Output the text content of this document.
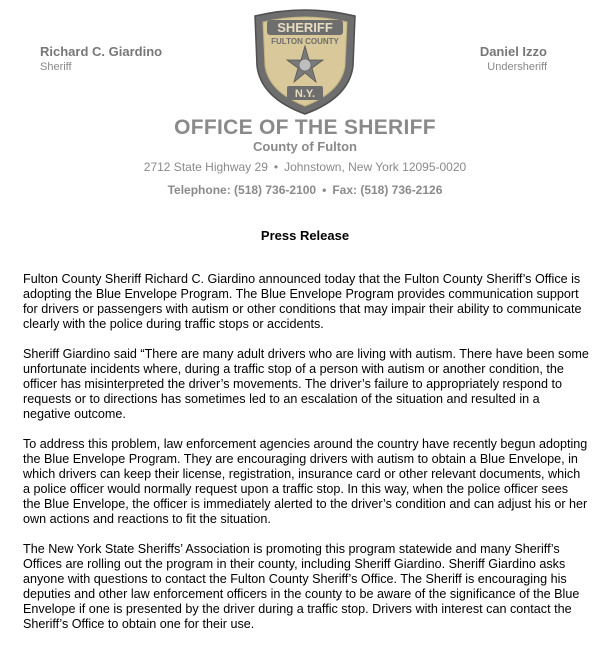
Richard C. Giardino
Sheriff
SHERIFF
FULTON COUNTY
N.Y.
Daniel Izzo
Undersheriff
OFFICE OF THE SHERIFF
County of Fulton
2712 State Highway 29 • Johnstown, New York 12095-0020
Telephone: (518) 736-2100 • Fax: (518) 736-2126
Press Release

Fulton County Sheriff Richard C. Giardino announced today that the Fulton County Sheriff’s Office is adopting the Blue Envelope Program. The Blue Envelope Program provides communication support for drivers or passengers with autism or other conditions that may impair their ability to communicate clearly with the police during traffic stops or accidents.

Sheriff Giardino said “There are many adult drivers who are living with autism. There have been some unfortunate incidents where, during a traffic stop of a person with autism or another condition, the officer has misinterpreted the driver’s movements. The driver’s failure to appropriately respond to requests or to directions has sometimes led to an escalation of the situation and resulted in a negative outcome.

To address this problem, law enforcement agencies around the country have recently begun adopting the Blue Envelope Program. They are encouraging drivers with autism to obtain a Blue Envelope, in which drivers can keep their license, registration, insurance card or other relevant documents, which a police officer would normally request upon a traffic stop. In this way, when the police officer sees the Blue Envelope, the officer is immediately alerted to the driver’s condition and can adjust his or her own actions and reactions to fit the situation.

The New York State Sheriffs’ Association is promoting this program statewide and many Sheriff’s Offices are rolling out the program in their county, including Sheriff Giardino. Sheriff Giardino asks anyone with questions to contact the Fulton County Sheriff’s Office. The Sheriff is encouraging his deputies and other law enforcement officers in the county to be aware of the significance of the Blue Envelope if one is presented by the driver during a traffic stop. Drivers with interest can contact the Sheriff’s Office to obtain one for their use.
